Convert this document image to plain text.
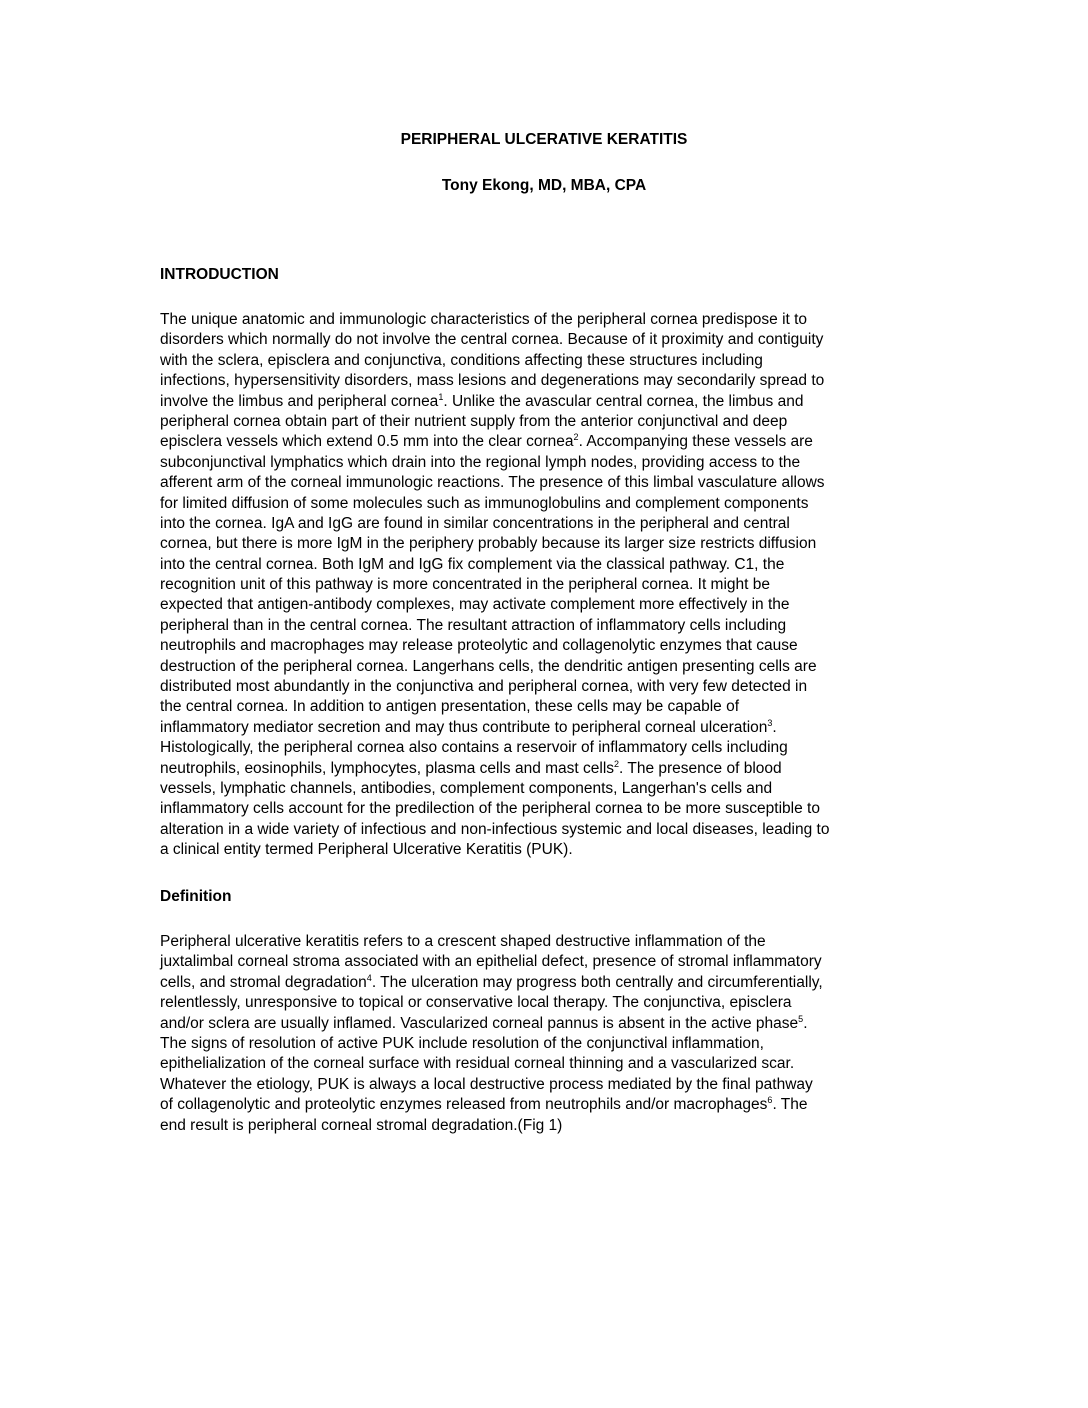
PERIPHERAL ULCERATIVE KERATITIS
Tony Ekong, MD, MBA, CPA
INTRODUCTION
The unique anatomic and immunologic characteristics of the peripheral cornea predispose it to
disorders which normally do not involve the central cornea. Because of it proximity and contiguity
with the sclera, episclera and conjunctiva, conditions affecting these structures including
infections, hypersensitivity disorders, mass lesions and degenerations may secondarily spread to
involve the limbus and peripheral cornea$^1$. Unlike the avascular central cornea, the limbus and
peripheral cornea obtain part of their nutrient supply from the anterior conjunctival and deep
episclera vessels which extend 0.5 mm into the clear cornea$^2$. Accompanying these vessels are
subconjunctival lymphatics which drain into the regional lymph nodes, providing access to the
afferent arm of the corneal immunologic reactions. The presence of this limbal vasculature allows
for limited diffusion of some molecules such as immunoglobulins and complement components
into the cornea. IgA and IgG are found in similar concentrations in the peripheral and central
cornea, but there is more IgM in the periphery probably because its larger size restricts diffusion
into the central cornea. Both IgM and IgG fix complement via the classical pathway. C1, the
recognition unit of this pathway is more concentrated in the peripheral cornea. It might be
expected that antigen-antibody complexes, may activate complement more effectively in the
peripheral than in the central cornea. The resultant attraction of inflammatory cells including
neutrophils and macrophages may release proteolytic and collagenolytic enzymes that cause
destruction of the peripheral cornea. Langerhans cells, the dendritic antigen presenting cells are
distributed most abundantly in the conjunctiva and peripheral cornea, with very few detected in
the central cornea. In addition to antigen presentation, these cells may be capable of
inflammatory mediator secretion and may thus contribute to peripheral corneal ulceration$^3$.
Histologically, the peripheral cornea also contains a reservoir of inflammatory cells including
neutrophils, eosinophils, lymphocytes, plasma cells and mast cells$^2$. The presence of blood
vessels, lymphatic channels, antibodies, complement components, Langerhan's cells and
inflammatory cells account for the predilection of the peripheral cornea to be more susceptible to
alteration in a wide variety of infectious and non-infectious systemic and local diseases, leading to
a clinical entity termed Peripheral Ulcerative Keratitis (PUK).
Definition
Peripheral ulcerative keratitis refers to a crescent shaped destructive inflammation of the
juxtalimbal corneal stroma associated with an epithelial defect, presence of stromal inflammatory
cells, and stromal degradation$^4$. The ulceration may progress both centrally and circumferentially,
relentlessly, unresponsive to topical or conservative local therapy. The conjunctiva, episclera
and/or sclera are usually inflamed. Vascularized corneal pannus is absent in the active phase$^5$.
The signs of resolution of active PUK include resolution of the conjunctival inflammation,
epithelialization of the corneal surface with residual corneal thinning and a vascularized scar.
Whatever the etiology, PUK is always a local destructive process mediated by the final pathway
of collagenolytic and proteolytic enzymes released from neutrophils and/or macrophages$^6$. The
end result is peripheral corneal stromal degradation.(Fig 1)
